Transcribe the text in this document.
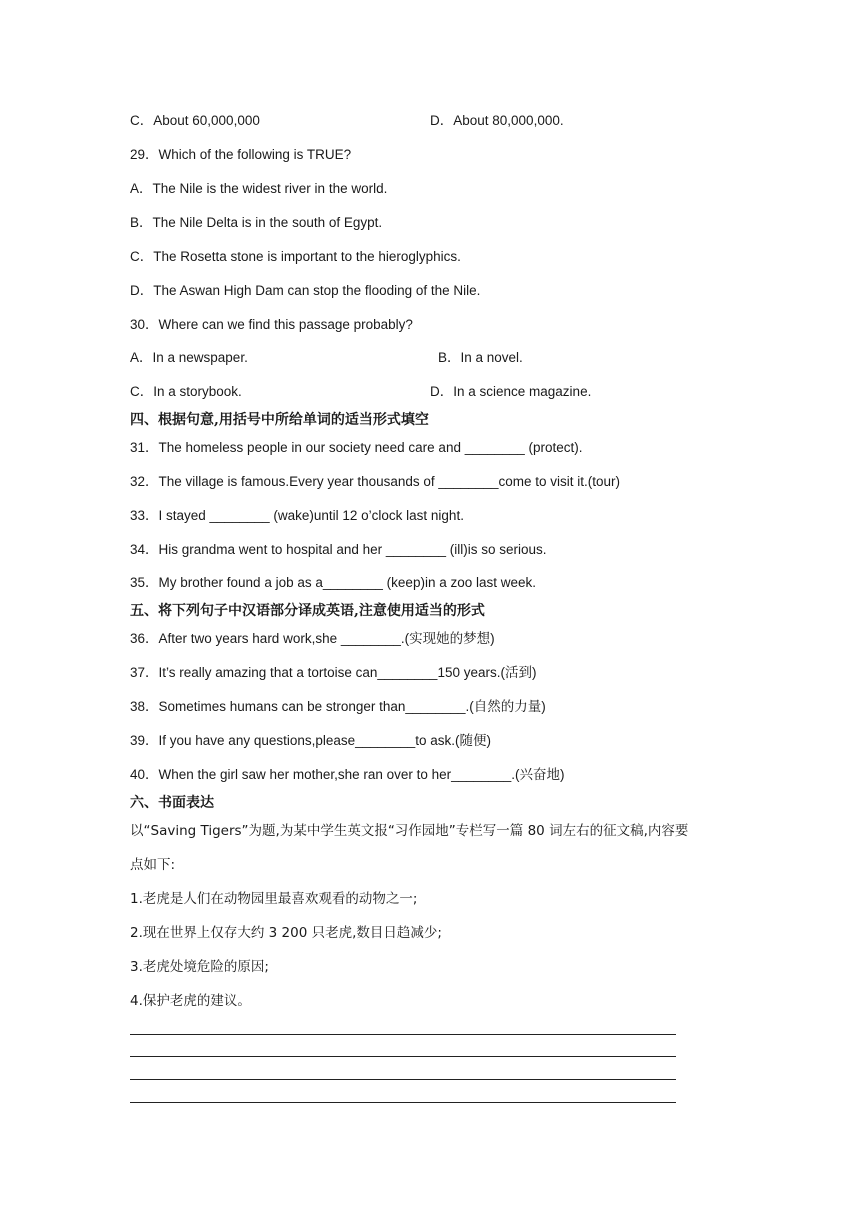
C．About 60,000,000	D．About 80,000,000.
29．Which of the following is TRUE?
A．The Nile is the widest river in the world.
B．The Nile Delta is in the south of Egypt.
C．The Rosetta stone is important to the hieroglyphics.
D．The Aswan High Dam can stop the flooding of the Nile.
30．Where can we find this passage probably?
A．In a newspaper.	B．In a novel.
C．In a storybook.	D．In a science magazine.
四、根据句意,用括号中所给单词的适当形式填空
31．The homeless people in our society need care and ________ (protect).
32．The village is famous.Every year thousands of ________come to visit it.(tour)
33．I stayed ________ (wake)until 12 o’clock last night.
34．His grandma went to hospital and her ________ (ill)is so serious.
35．My brother found a job as a________ (keep)in a zoo last week.
五、将下列句子中汉语部分译成英语,注意使用适当的形式
36．After two years hard work,she ________.(实现她的梦想)
37．It’s really amazing that a tortoise can________150 years.(活到)
38．Sometimes humans can be stronger than________.(自然的力量)
39．If you have any questions,please________to ask.(随便)
40．When the girl saw her mother,she ran over to her________.(兴奋地)
六、书面表达
以“Saving Tigers”为题,为某中学生英文报“习作园地”专栏写一篇 80 词左右的征文稿,内容要
点如下:
1.老虎是人们在动物园里最喜欢观看的动物之一;
2.现在世界上仅存大约 3 200 只老虎,数目日趋减少;
3.老虎处境危险的原因;
4.保护老虎的建议。
